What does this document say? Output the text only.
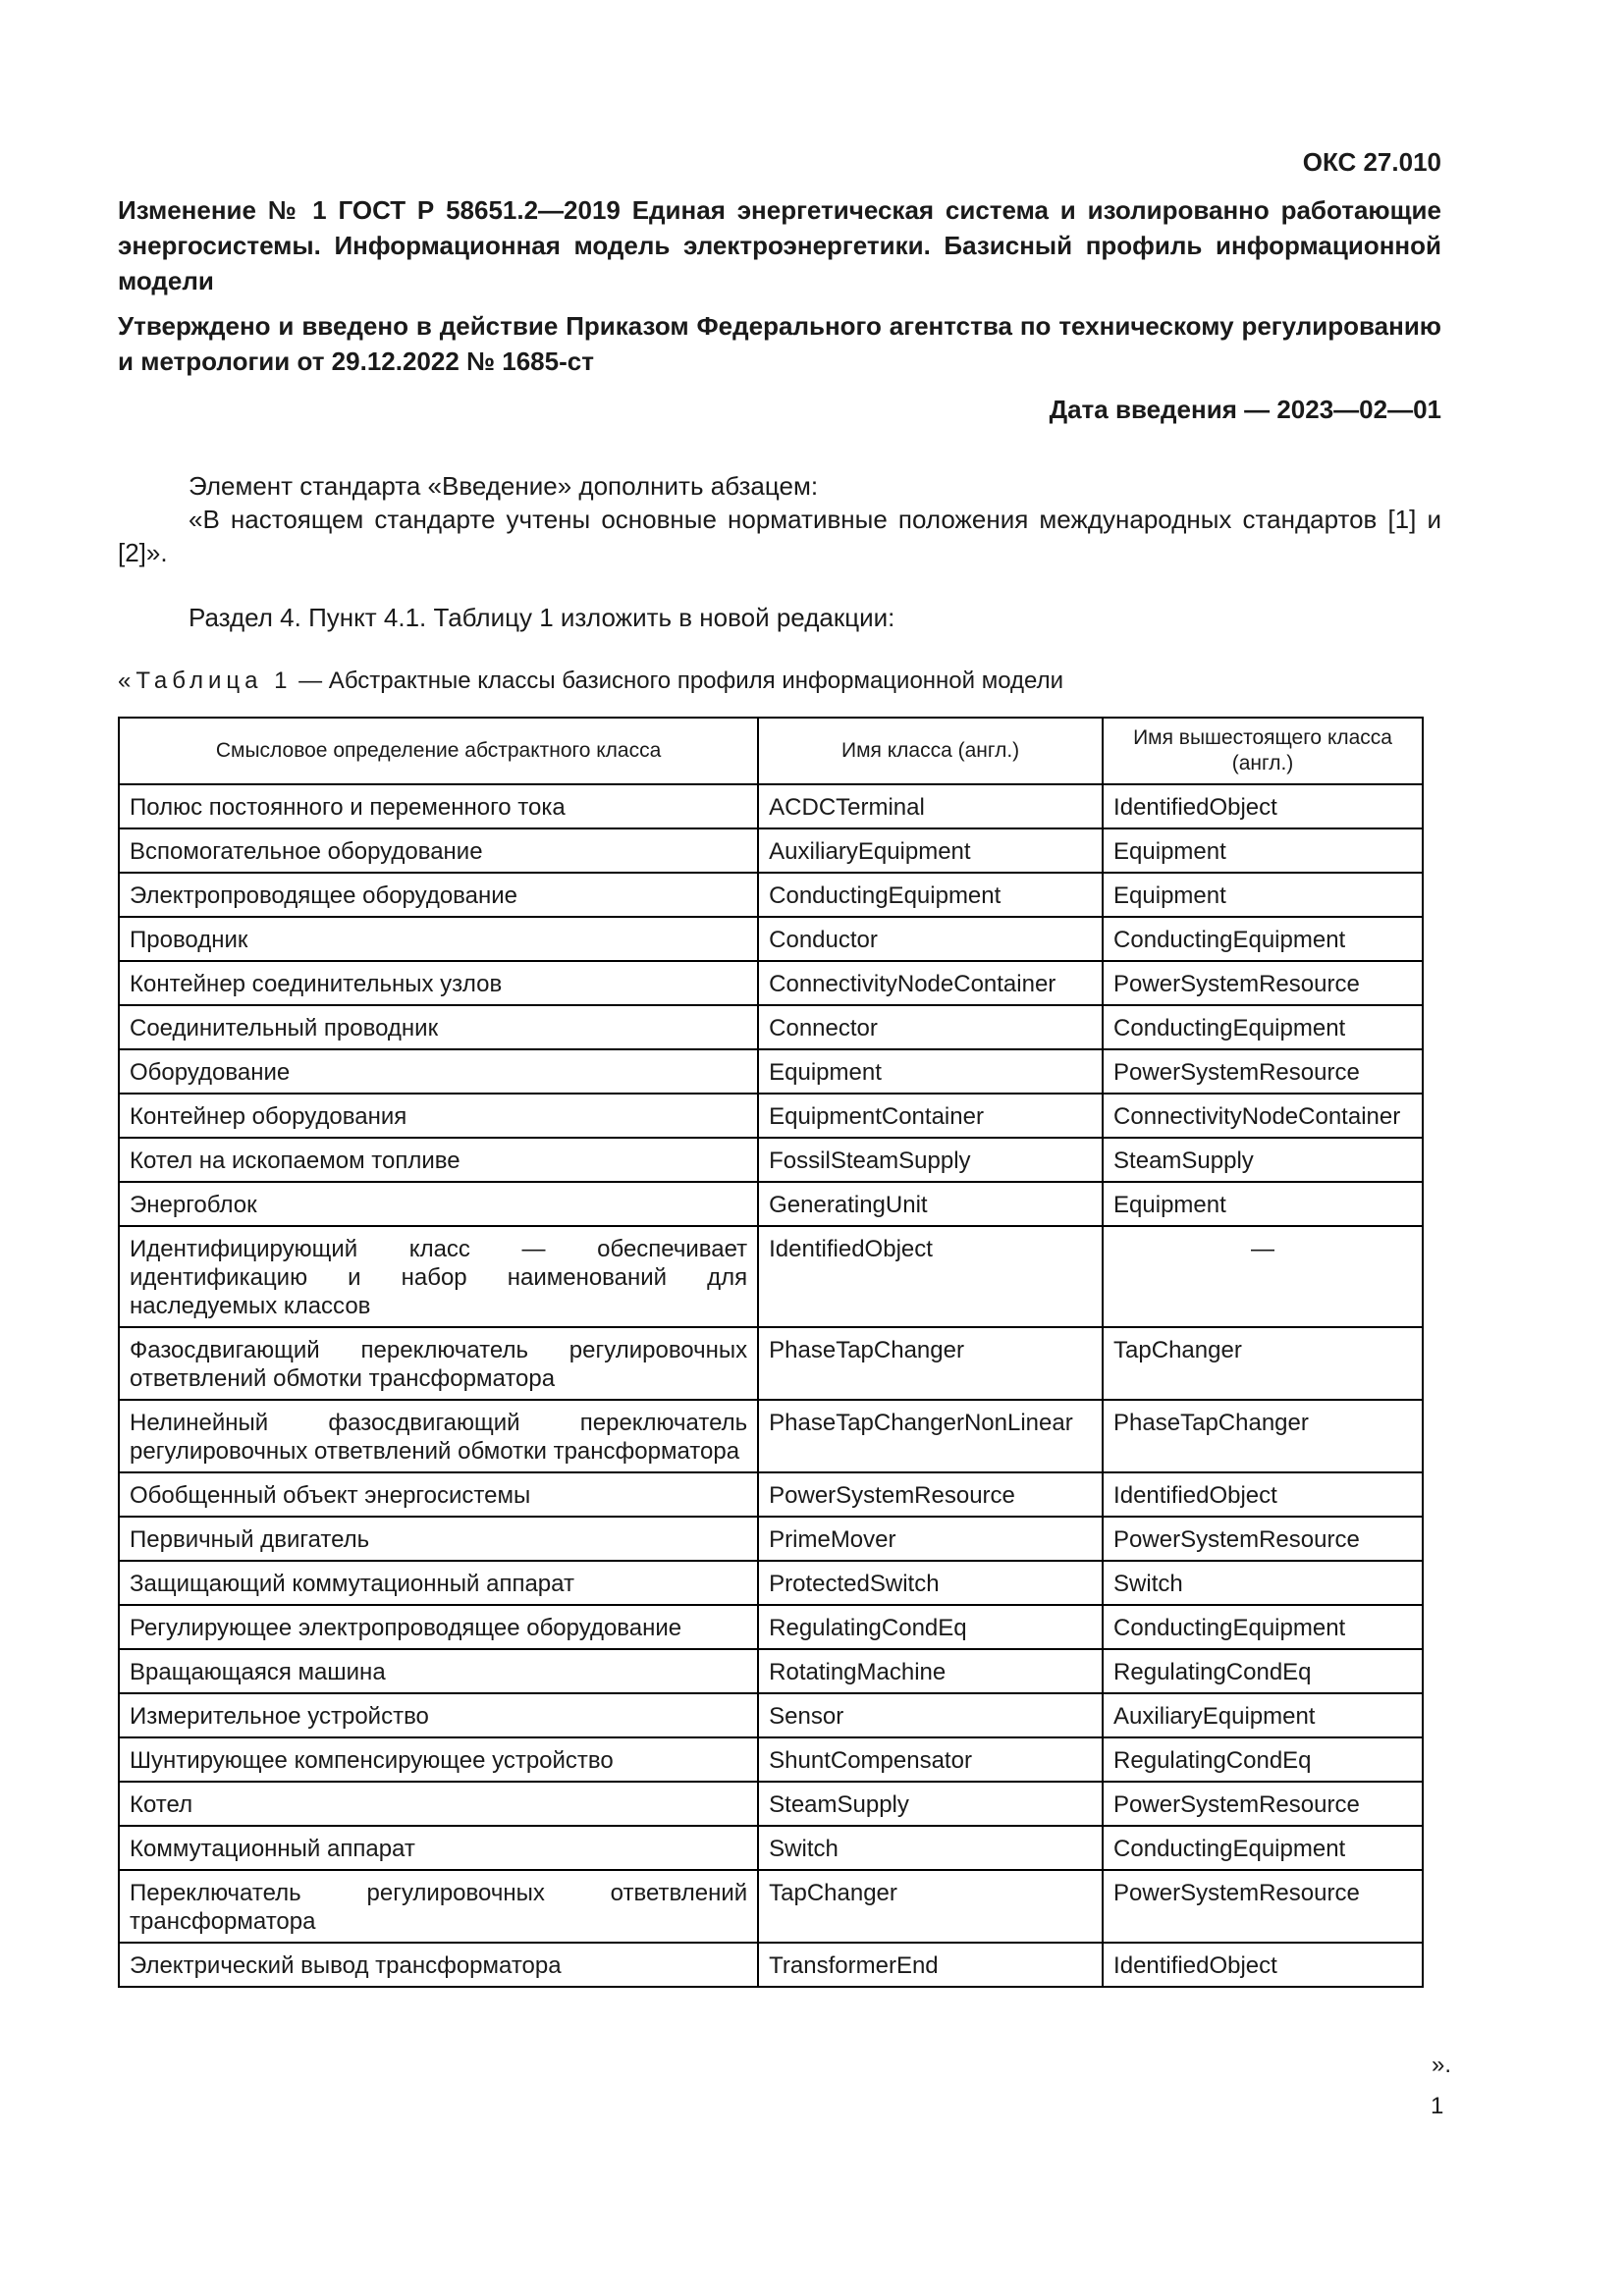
ОКС 27.010

Изменение № 1 ГОСТ Р 58651.2—2019 Единая энергетическая система и изолированно работающие энергосистемы. Информационная модель электроэнергетики. Базисный профиль информационной модели

Утверждено и введено в действие Приказом Федерального агентства по техническому регулированию и метрологии от 29.12.2022 № 1685-ст

Дата введения — 2023—02—01

Элемент стандарта «Введение» дополнить абзацем:

«В настоящем стандарте учтены основные нормативные положения международных стандартов [1] и [2]».

Раздел 4. Пункт 4.1. Таблицу 1 изложить в новой редакции:

«Таблица 1 — Абстрактные классы базисного профиля информационной модели
Смысловое определение абстрактного класса	Имя класса (англ.)	Имя вышестоящего класса (англ.)
Полюс постоянного и переменного тока	ACDCTerminal	IdentifiedObject
Вспомогательное оборудование	AuxiliaryEquipment	Equipment
Электропроводящее оборудование	ConductingEquipment	Equipment
Проводник	Conductor	ConductingEquipment
Контейнер соединительных узлов	ConnectivityNodeContainer	PowerSystemResource
Соединительный проводник	Connector	ConductingEquipment
Оборудование	Equipment	PowerSystemResource
Контейнер оборудования	EquipmentContainer	ConnectivityNodeContainer
Котел на ископаемом топливе	FossilSteamSupply	SteamSupply
Энергоблок	GeneratingUnit	Equipment
Идентифицирующий класс — обеспечивает идентификацию и набор наименований для наследуемых классов	IdentifiedObject	—
Фазосдвигающий переключатель регулировочных ответвлений обмотки трансформатора	PhaseTapChanger	TapChanger
Нелинейный фазосдвигающий переключатель регулировочных ответвлений обмотки трансформатора	PhaseTapChangerNonLinear	PhaseTapChanger
Обобщенный объект энергосистемы	PowerSystemResource	IdentifiedObject
Первичный двигатель	PrimeMover	PowerSystemResource
Защищающий коммутационный аппарат	ProtectedSwitch	Switch
Регулирующее электропроводящее оборудование	RegulatingCondEq	ConductingEquipment
Вращающаяся машина	RotatingMachine	RegulatingCondEq
Измерительное устройство	Sensor	AuxiliaryEquipment
Шунтирующее компенсирующее устройство	ShuntCompensator	RegulatingCondEq
Котел	SteamSupply	PowerSystemResource
Коммутационный аппарат	Switch	ConductingEquipment
Переключатель регулировочных ответвлений трансформатора	TapChanger	PowerSystemResource
Электрический вывод трансформатора	TransformerEnd	IdentifiedObject
».
1
